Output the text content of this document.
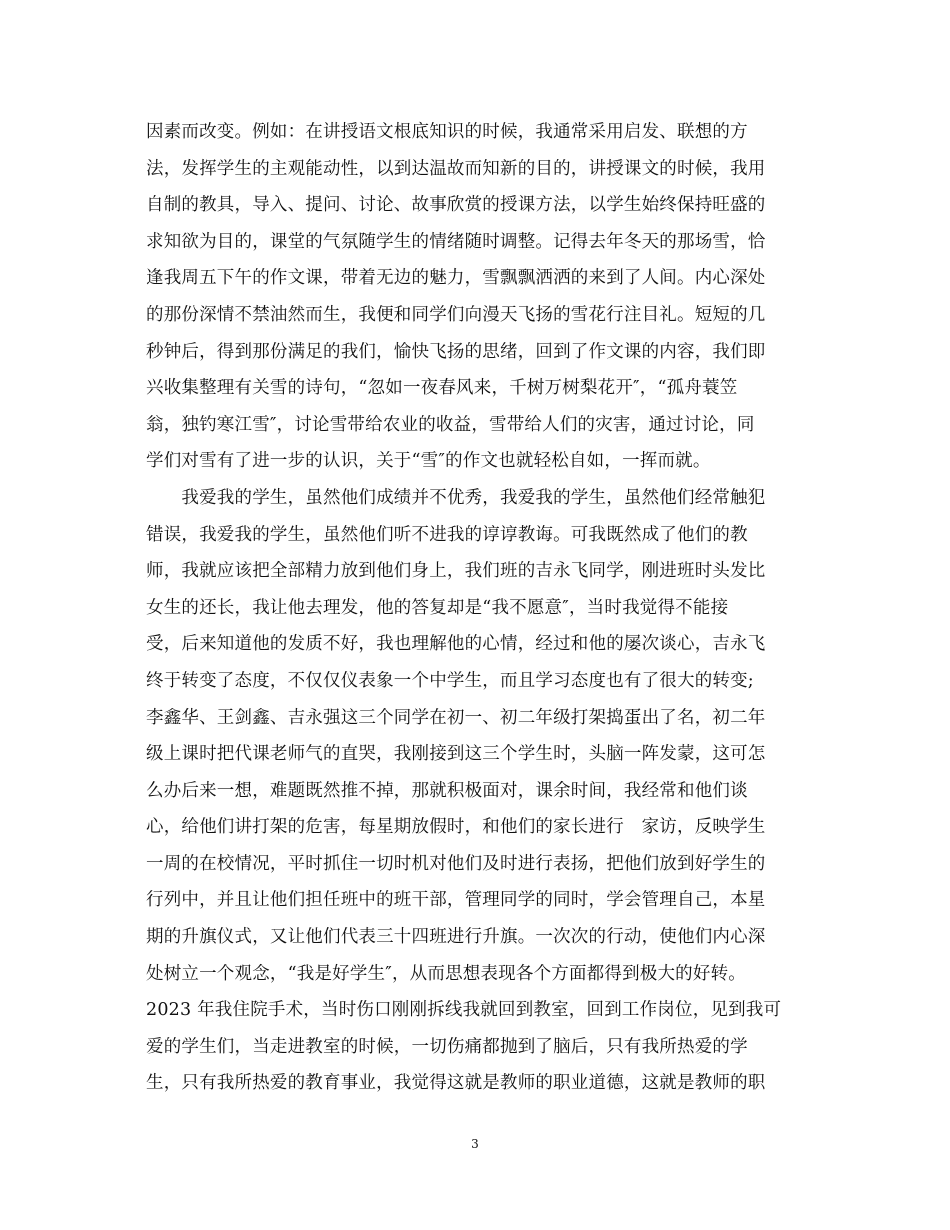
因素而改变。例如：在讲授语文根底知识的时候，我通常采用启发、联想的方
法，发挥学生的主观能动性，以到达温故而知新的目的，讲授课文的时候，我用
自制的教具，导入、提问、讨论、故事欣赏的授课方法，以学生始终保持旺盛的
求知欲为目的，课堂的气氛随学生的情绪随时调整。记得去年冬天的那场雪，恰
逢我周五下午的作文课，带着无边的魅力，雪飘飘洒洒的来到了人间。内心深处
的那份深情不禁油然而生，我便和同学们向漫天飞扬的雪花行注目礼。短短的几
秒钟后，得到那份满足的我们，愉快飞扬的思绪，回到了作文课的内容，我们即
兴收集整理有关雪的诗句，“忽如一夜春风来，千树万树梨花开″，“孤舟蓑笠
翁，独钓寒江雪″，讨论雪带给农业的收益，雪带给人们的灾害，通过讨论，同
学们对雪有了进一步的认识，关于“雪″的作文也就轻松自如，一挥而就。
　　我爱我的学生，虽然他们成绩并不优秀，我爱我的学生，虽然他们经常触犯
错误，我爱我的学生，虽然他们听不进我的谆谆教诲。可我既然成了他们的教
师，我就应该把全部精力放到他们身上，我们班的吉永飞同学，刚进班时头发比
女生的还长，我让他去理发，他的答复却是“我不愿意″，当时我觉得不能接
受，后来知道他的发质不好，我也理解他的心情，经过和他的屡次谈心，吉永飞
终于转变了态度，不仅仅仪表象一个中学生，而且学习态度也有了很大的转变;
李鑫华、王剑鑫、吉永强这三个同学在初一、初二年级打架捣蛋出了名，初二年
级上课时把代课老师气的直哭，我刚接到这三个学生时，头脑一阵发蒙，这可怎
么办后来一想，难题既然推不掉，那就积极面对，课余时间，我经常和他们谈
心，给他们讲打架的危害，每星期放假时，和他们的家长进行　家访，反映学生
一周的在校情况，平时抓住一切时机对他们及时进行表扬，把他们放到好学生的
行列中，并且让他们担任班中的班干部，管理同学的同时，学会管理自己，本星
期的升旗仪式，又让他们代表三十四班进行升旗。一次次的行动，使他们内心深
处树立一个观念，“我是好学生″，从而思想表现各个方面都得到极大的好转。
2023 年我住院手术，当时伤口刚刚拆线我就回到教室，回到工作岗位，见到我可
爱的学生们，当走进教室的时候，一切伤痛都抛到了脑后，只有我所热爱的学
生，只有我所热爱的教育事业，我觉得这就是教师的职业道德，这就是教师的职
3
